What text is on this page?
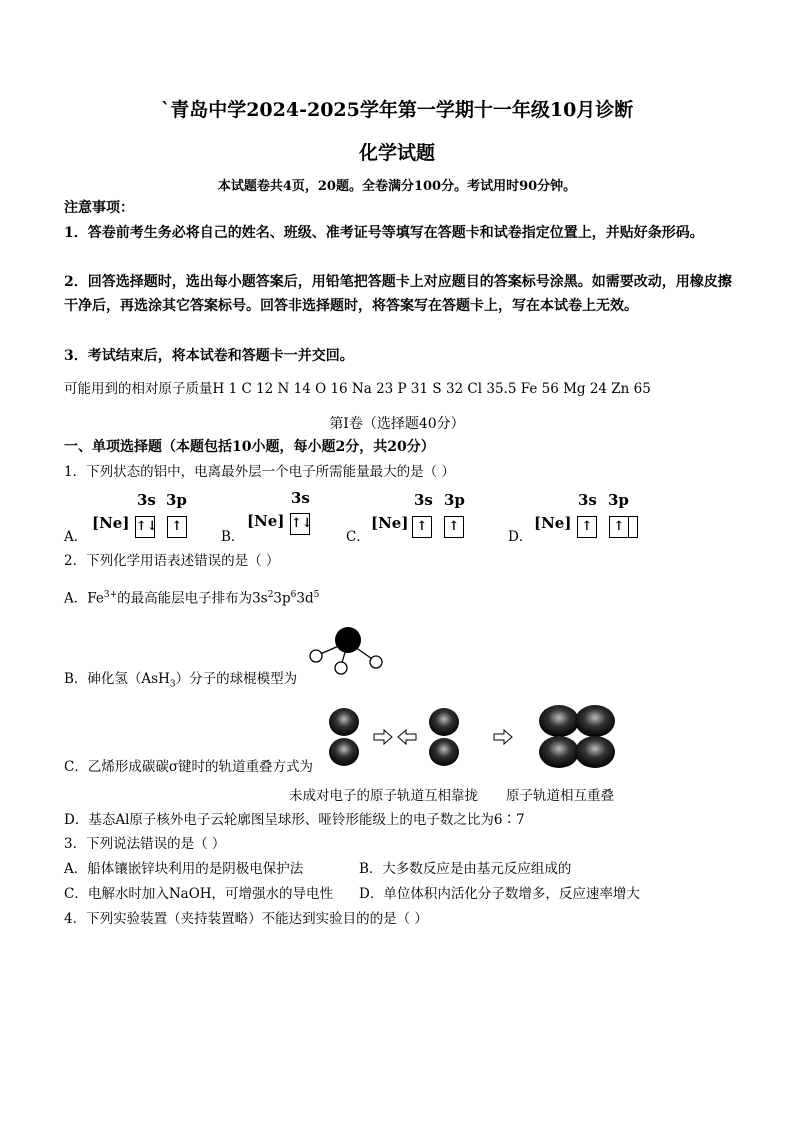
`青岛中学2024-2025学年第一学期十一年级10月诊断
化学试题
本试题卷共4页，20题。全卷满分100分。考试用时90分钟。
注意事项：
1．答卷前考生务必将自己的姓名、班级、准考证号等填写在答题卡和试卷指定位置上，并贴好条形码。
2．回答选择题时，选出每小题答案后，用铅笔把答题卡上对应题目的答案标号涂黑。如需要改动，用橡皮擦干净后，再选涂其它答案标号。回答非选择题时，将答案写在答题卡上，写在本试卷上无效。
3．考试结束后，将本试卷和答题卡一并交回。
可能用到的相对原子质量H 1 C 12 N 14 O 16 Na 23 P 31 S 32 Cl 35.5 Fe 56 Mg 24 Zn 65
第Ⅰ卷（选择题40分）
一、单项选择题（本题包括10小题，每小题2分，共20分）
1．下列状态的铝中，电离最外层一个电子所需能量最大的是（ ）
A．
[Ne]
3s 3p
↑↓	↑
B．
[Ne]
3s
↑↓
C．
[Ne]
3s 3p
↑	↑
D．
[Ne]
3s 3p
↑	↑
2．下列化学用语表述错误的是（ ）
A．$Fe^{3+}$的最高能层电子排布为$3s^23p^63d^5$
B．砷化氢（AsH$_3$）分子的球棍模型为
C．乙烯形成碳碳σ键时的轨道重叠方式为
未成对电子的原子轨道互相靠拢 原子轨道相互重叠
D．基态Al原子核外电子云轮廓图呈球形、哑铃形能级上的电子数之比为6∶7
3．下列说法错误的是（ ）
A．船体镶嵌锌块利用的是阴极电保护法	B．大多数反应是由基元反应组成的
C．电解水时加入NaOH，可增强水的导电性 D．单位体积内活化分子数增多，反应速率增大
4．下列实验装置（夹持装置略）不能达到实验目的的是（ ）
